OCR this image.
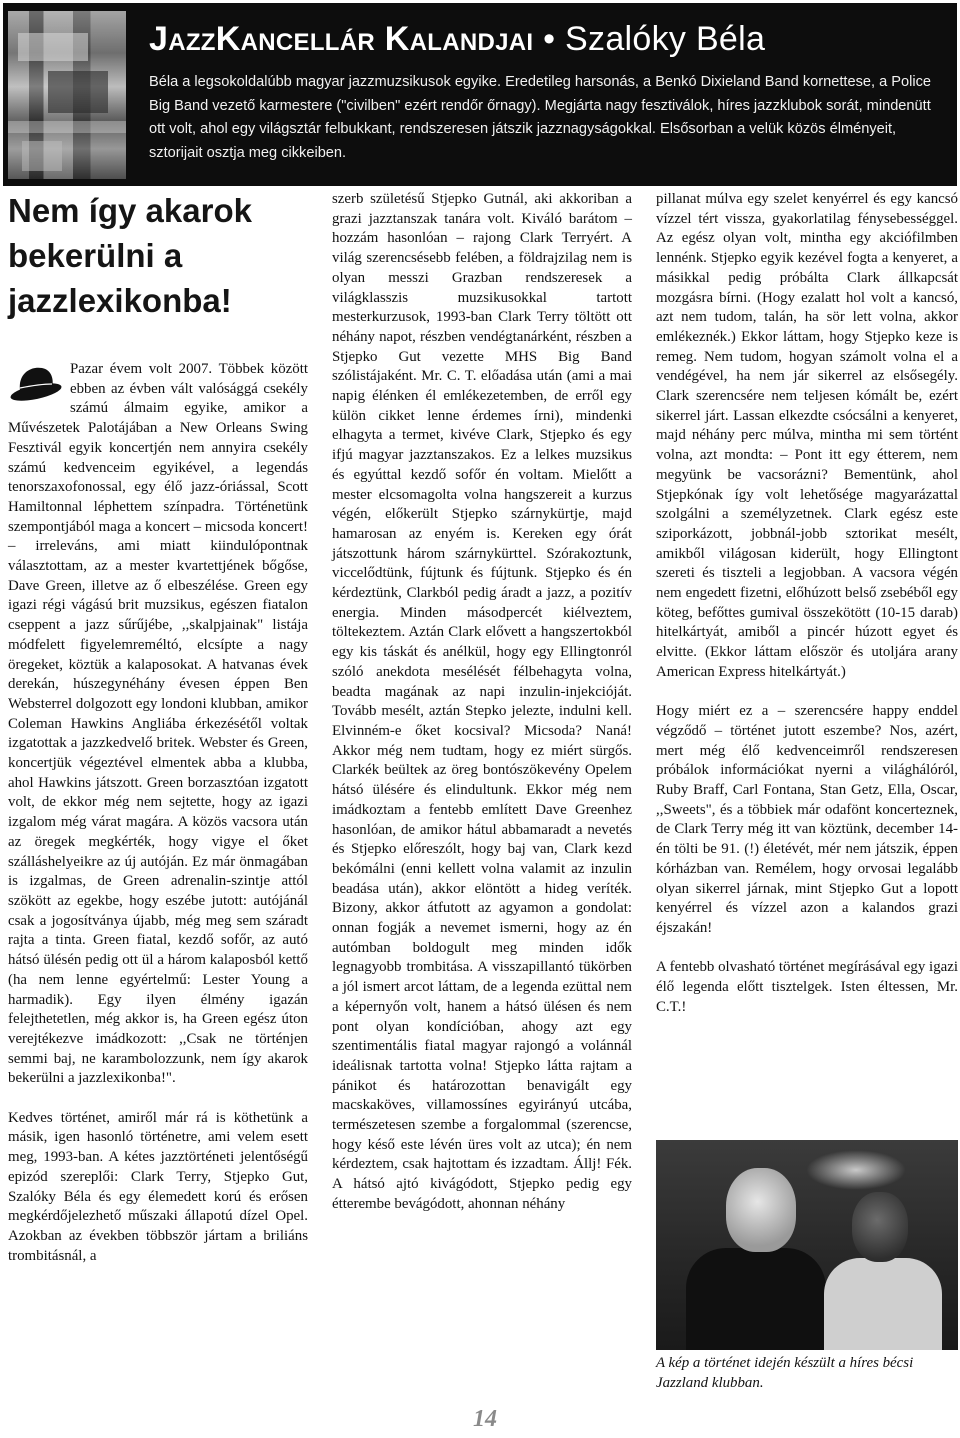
JazzKancellár Kalandjai • Szalóky Béla

Béla a legsokoldalúbb magyar jazzmuzsikusok egyike. Eredetileg harsonás, a Benkó Dixieland Band kornettese, a Police Big Band vezető karmestere ("civilben" ezért rendőr őrnagy). Megjárta nagy fesztiválok, híres jazzklubok sorát, mindenütt ott volt, ahol egy világsztár felbukkant, rendszeresen játszik jazznagyságokkal. Elsősorban a velük közös élményeit, sztorijait osztja meg cikkeiben.

Nem így akarok bekerülni a jazzlexikonba!

Pazar évem volt 2007. Többek között ebben az évben vált valósággá csekély számú álmaim egyike, amikor a Művészetek Palotájában a New Orleans Swing Fesztivál egyik koncertjén nem annyira csekély számú kedvenceim egyikével, a legendás tenorszaxofonossal, egy élő jazz-óriással, Scott Hamiltonnal léphettem színpadra. Történetünk szempontjából maga a koncert – micsoda koncert! – irreleváns, ami miatt kiindulópontnak választottam, az a mester kvartettjének bőgőse, Dave Green, illetve az ő elbeszélése. Green egy igazi régi vágású brit muzsikus, egészen fiatalon cseppent a jazz sűrűjébe, ,,skalpjainak" listája módfelett figyelemreméltó, elcsípte a nagy öregeket, köztük a kalaposokat. A hatvanas évek derekán, húszegynéhány évesen éppen Ben Websterrel dolgozott egy londoni klubban, amikor Coleman Hawkins Angliába érkezésétől voltak izgatottak a jazzkedvelő britek. Webster és Green, koncertjük végeztével elmentek abba a klubba, ahol Hawkins játszott. Green borzasztóan izgatott volt, de ekkor még nem sejtette, hogy az igazi izgalom még várat magára. A közös vacsora után az öregek megkérték, hogy vigye el őket szálláshelyeikre az új autóján. Ez már önmagában is izgalmas, de Green adrenalin-szintje attól szökött az egekbe, hogy eszébe jutott: autójánál csak a jogosítványa újabb, még meg sem száradt rajta a tinta. Green fiatal, kezdő sofőr, az autó hátsó ülésén pedig ott ül a három kalaposból kettő (ha nem lenne egyértelmű: Lester Young a harmadik). Egy ilyen élmény igazán felejthetetlen, még akkor is, ha Green egész úton verejtékezve imádkozott: ,,Csak ne történjen semmi baj, ne karambolozzunk, nem így akarok bekerülni a jazzlexikonba!".

Kedves történet, amiről már rá is köthetünk a másik, igen hasonló történetre, ami velem esett meg, 1993-ban. A kétes jazztörténeti jelentőségű epizód szereplői: Clark Terry, Stjepko Gut, Szalóky Béla és egy élemedett korú és erősen megkérdőjelezhető műszaki állapotú dízel Opel. Azokban az években többször jártam a briliáns trombitásnál, a

szerb születésű Stjepko Gutnál, aki akkoriban a grazi jazztanszak tanára volt. Kiváló barátom – hozzám hasonlóan – rajong Clark Terryért. A világ szerencsésebb felében, a földrajzilag nem is olyan messzi Grazban rendszeresek a világklasszis muzsikusokkal tartott mesterkurzusok, 1993-ban Clark Terry töltött ott néhány napot, részben vendégtanárként, részben a Stjepko Gut vezette MHS Big Band szólistájaként. Mr. C. T. előadása után (ami a mai napig élénken él emlékezetemben, de erről egy külön cikket lenne érdemes írni), mindenki elhagyta a termet, kivéve Clark, Stjepko és egy ifjú magyar jazztanszakos. Ez a lelkes muzsikus és egyúttal kezdő sofőr én voltam. Mielőtt a mester elcsomagolta volna hangszereit a kurzus végén, előkerült Stjepko szárnykürtje, majd hamarosan az enyém is. Kereken egy órát játszottunk három szárnykürttel. Szórakoztunk, viccelődtünk, fújtunk és fújtunk. Stjepko és én kérdeztünk, Clarkból pedig áradt a jazz, a pozitív energia. Minden másodpercét kiélveztem, töltekeztem. Aztán Clark elővett a hangszertokból egy kis táskát és anélkül, hogy egy Ellingtonról szóló anekdota mesélését félbehagyta volna, beadta magának az napi inzulin-injekcióját. Tovább mesélt, aztán Stepko jelezte, indulni kell. Elvinném-e őket kocsival? Micsoda? Naná! Akkor még nem tudtam, hogy ez miért sürgős. Clarkék beültek az öreg bontószökevény Opelem hátsó ülésére és elindultunk. Ekkor még nem imádkoztam a fentebb említett Dave Greenhez hasonlóan, de amikor hátul abbamaradt a nevetés és Stjepko előreszólt, hogy baj van, Clark kezd bekómálni (enni kellett volna valamit az inzulin beadása után), akkor elöntött a hideg veríték. Bizony, akkor átfutott az agyamon a gondolat: onnan fogják a nevemet ismerni, hogy az én autómban boldogult meg minden idők legnagyobb trombitása. A visszapillantó tükörben a jól ismert arcot láttam, de a legenda ezüttal nem a képernyőn volt, hanem a hátsó ülésen és nem pont olyan kondícióban, ahogy azt egy szentimentális fiatal magyar rajongó a volánnál ideálisnak tartotta volna! Stjepko látta rajtam a pánikot és határozottan benavigált egy macskaköves, villamossínes egyirányú utcába, természetesen szembe a forgalommal (szerencse, hogy késő este lévén üres volt az utca); én nem kérdeztem, csak hajtottam és izzadtam. Állj! Fék. A hátsó ajtó kivágódott, Stjepko pedig egy étterembe bevágódott, ahonnan néhány

pillanat múlva egy szelet kenyérrel és egy kancsó vízzel tért vissza, gyakorlatilag fénysebességgel. Az egész olyan volt, mintha egy akciófilmben lennénk. Stjepko egyik kezével fogta a kenyeret, a másikkal pedig próbálta Clark állkapcsát mozgásra bírni. (Hogy ezalatt hol volt a kancsó, azt nem tudom, talán, ha sör lett volna, akkor emlékeznék.) Ekkor láttam, hogy Stjepko keze is remeg. Nem tudom, hogyan számolt volna el a vendégével, ha nem jár sikerrel az elsősegély. Clark szerencsére nem teljesen kómált be, ezért sikerrel járt. Lassan elkezdte csócsálni a kenyeret, majd néhány perc múlva, mintha mi sem történt volna, azt mondta: – Pont itt egy étterem, nem megyünk be vacsorázni? Bementünk, ahol Stjepkónak így volt lehetősége magyarázattal szolgálni a személyzetnek. Clark egész este sziporkázott, jobbnál-jobb sztorikat mesélt, amikből világosan kiderült, hogy Ellingtont szereti és tiszteli a legjobban. A vacsora végén nem engedett fizetni, előhúzott belső zsebéből egy köteg, befőttes gumival összekötött (10-15 darab) hitelkártyát, amiből a pincér húzott egyet és elvitte. (Ekkor láttam először és utoljára arany American Express hitelkártyát.)

Hogy miért ez a – szerencsére happy enddel végződő – történet jutott eszembe? Nos, azért, mert még élő kedvenceimről rendszeresen próbálok információkat nyerni a világhálóról, Ruby Braff, Carl Fontana, Stan Getz, Ella, Oscar, ,,Sweets", és a többiek már odafönt koncerteznek, de Clark Terry még itt van köztünk, december 14-én tölti be 91. (!) életévét, mér nem játszik, éppen kórházban van. Remélem, hogy orvosai legalább olyan sikerrel járnak, mint Stjepko Gut a lopott kenyérrel és vízzel azon a kalandos grazi éjszakán!

A fentebb olvasható történet megírásával egy igazi élő legenda előtt tisztelgek. Isten éltessen, Mr. C.T.!

A kép a történet idején készült a híres bécsi Jazzland klubban.

14
